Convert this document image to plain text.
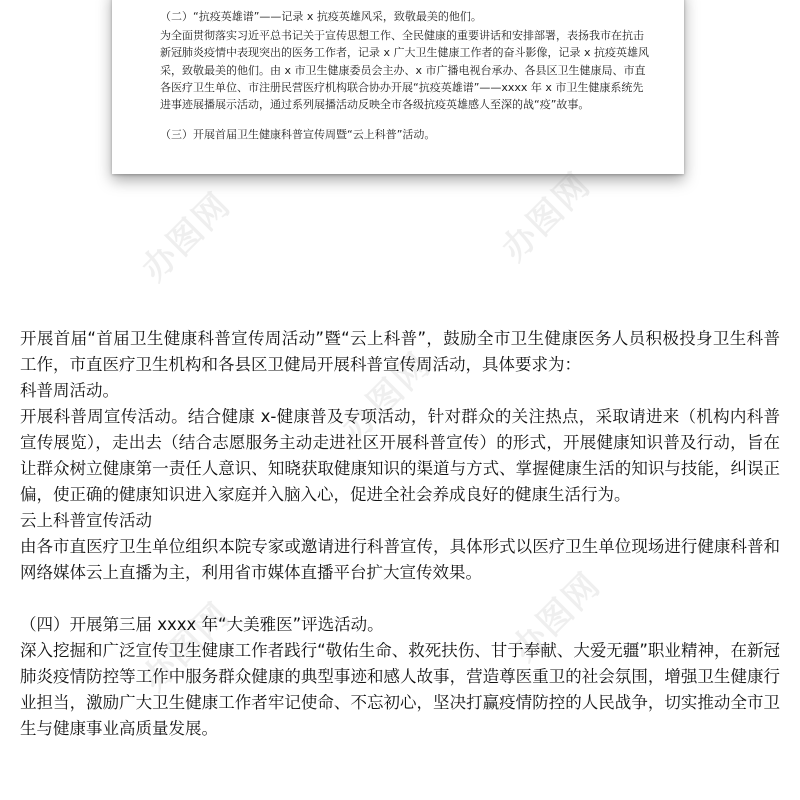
（二）“抗疫英雄谱”——记录 x 抗疫英雄风采，致敬最美的他们。

为全面贯彻落实习近平总书记关于宣传思想工作、全民健康的重要讲话和安排部署，表扬我市在抗击新冠肺炎疫情中表现突出的医务工作者，记录 x 广大卫生健康工作者的奋斗影像，记录 x 抗疫英雄风采，致敬最美的他们。由 x 市卫生健康委员会主办、x 市广播电视台承办、各县区卫生健康局、市直各医疗卫生单位、市注册民营医疗机构联合协办开展“抗疫英雄谱”——xxxx 年 x 市卫生健康系统先进事迹展播展示活动，通过系列展播活动反映全市各级抗疫英雄感人至深的战“疫”故事。

（三）开展首届卫生健康科普宣传周暨“云上科普”活动。

办图网
办图网
办图网

开展首届“首届卫生健康科普宣传周活动”暨“云上科普”，鼓励全市卫生健康医务人员积极投身卫生科普工作，市直医疗卫生机构和各县区卫健局开展科普宣传周活动，具体要求为：

科普周活动。

开展科普周宣传活动。结合健康 x-健康普及专项活动，针对群众的关注热点，采取请进来（机构内科普宣传展览），走出去（结合志愿服务主动走进社区开展科普宣传）的形式，开展健康知识普及行动，旨在让群众树立健康第一责任人意识、知晓获取健康知识的渠道与方式、掌握健康生活的知识与技能，纠误正偏，使正确的健康知识进入家庭并入脑入心，促进全社会养成良好的健康生活行为。

云上科普宣传活动

由各市直医疗卫生单位组织本院专家或邀请进行科普宣传，具体形式以医疗卫生单位现场进行健康科普和网络媒体云上直播为主，利用省市媒体直播平台扩大宣传效果。

（四）开展第三届 xxxx 年“大美雅医”评选活动。

深入挖掘和广泛宣传卫生健康工作者践行“敬佑生命、救死扶伤、甘于奉献、大爱无疆”职业精神，在新冠肺炎疫情防控等工作中服务群众健康的典型事迹和感人故事，营造尊医重卫的社会氛围，增强卫生健康行业担当，激励广大卫生健康工作者牢记使命、不忘初心，坚决打赢疫情防控的人民战争，切实推动全市卫生与健康事业高质量发展。
